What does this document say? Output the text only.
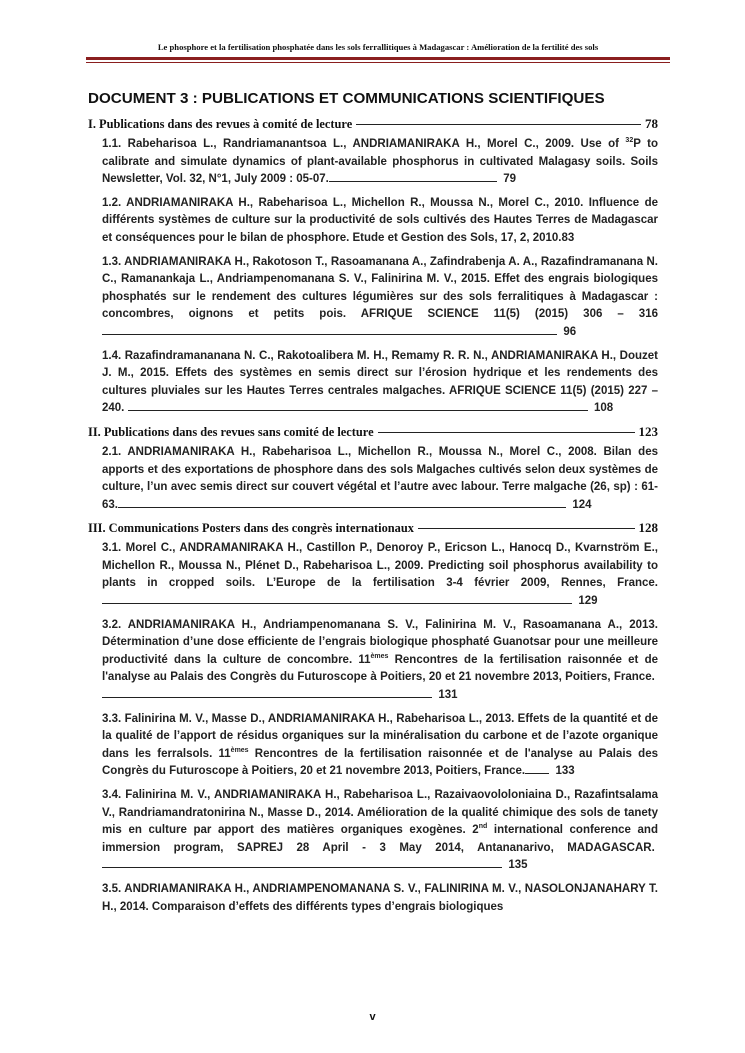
Le phosphore et la fertilisation phosphatée dans les sols ferrallitiques à Madagascar : Amélioration de la fertilité des sols
DOCUMENT 3 : PUBLICATIONS ET COMMUNICATIONS SCIENTIFIQUES
I. Publications dans des revues à comité de lecture	78
1.1. Rabeharisoa L., Randriamanantsoa L., ANDRIAMANIRAKA H., Morel C., 2009. Use of $^{32}$P to calibrate and simulate dynamics of plant-available phosphorus in cultivated Malagasy soils. Soils Newsletter, Vol. 32, N°1, July 2009 : 05-07.	79
1.2. ANDRIAMANIRAKA H., Rabeharisoa L., Michellon R., Moussa N., Morel C., 2010. Influence de différents systèmes de culture sur la productivité de sols cultivés des Hautes Terres de Madagascar et conséquences pour le bilan de phosphore. Etude et Gestion des Sols, 17, 2, 2010.83
1.3. ANDRIAMANIRAKA H., Rakotoson T., Rasoamanana A., Zafindrabenja A. A., Razafindramanana N. C., Ramanankaja L., Andriampenomanana S. V., Falinirina M. V., 2015. Effet des engrais biologiques phosphatés sur le rendement des cultures légumières sur des sols ferralitiques à Madagascar : concombres, oignons et petits pois. AFRIQUE SCIENCE 11(5) (2015) 306 – 316  96
1.4. Razafindramananana N. C., Rakotoalibera M. H., Remamy R. R. N., ANDRIAMANIRAKA H., Douzet J. M., 2015. Effets des systèmes en semis direct sur l’érosion hydrique et les rendements des cultures pluviales sur les Hautes Terres centrales malgaches. AFRIQUE SCIENCE 11(5) (2015) 227 – 240.	108
II. Publications dans des revues sans comité de lecture	123
2.1. ANDRIAMANIRAKA H., Rabeharisoa L., Michellon R., Moussa N., Morel C., 2008. Bilan des apports et des exportations de phosphore dans des sols Malgaches cultivés selon deux systèmes de culture, l’un avec semis direct sur couvert végétal et l’autre avec labour. Terre malgache (26, sp) : 61-63.	124
III. Communications Posters dans des congrès internationaux	128
3.1. Morel C., ANDRAMANIRAKA H., Castillon P., Denoroy P., Ericson L., Hanocq D., Kvarnström E., Michellon R., Moussa N., Plénet D., Rabeharisoa L., 2009. Predicting soil phosphorus availability to plants in cropped soils. L’Europe de la fertilisation 3-4 février 2009, Rennes, France.  129
3.2. ANDRIAMANIRAKA H., Andriampenomanana S. V., Falinirina M. V., Rasoamanana A., 2013. Détermination d’une dose efficiente de l’engrais biologique phosphaté Guanotsar pour une meilleure productivité dans la culture de concombre. 11èmes Rencontres de la fertilisation raisonnée et de l'analyse au Palais des Congrès du Futuroscope à Poitiers, 20 et 21 novembre 2013, Poitiers, France.   131
3.3. Falinirina M. V., Masse D., ANDRIAMANIRAKA H., Rabeharisoa L., 2013. Effets de la quantité et de la qualité de l’apport de résidus organiques sur la minéralisation du carbone et de l’azote organique dans les ferralsols. 11èmes Rencontres de la fertilisation raisonnée et de l'analyse au Palais des Congrès du Futuroscope à Poitiers, 20 et 21 novembre 2013, Poitiers, France.	133
3.4. Falinirina M. V., ANDRIAMANIRAKA H., Rabeharisoa L., Razaivaovololoniaina D., Razafintsalama V., Randriamandratonirina N., Masse D., 2014. Amélioration de la qualité chimique des sols de tanety mis en culture par apport des matières organiques exogènes. 2nd international conference and immersion program, SAPREJ 28 April - 3 May 2014, Antananarivo, MADAGASCAR.   135
3.5. ANDRIAMANIRAKA H., ANDRIAMPENOMANANA S. V., FALINIRINA M. V., NASOLONJANAHARY T. H., 2014. Comparaison d’effets des différents types d’engrais biologiques
v
